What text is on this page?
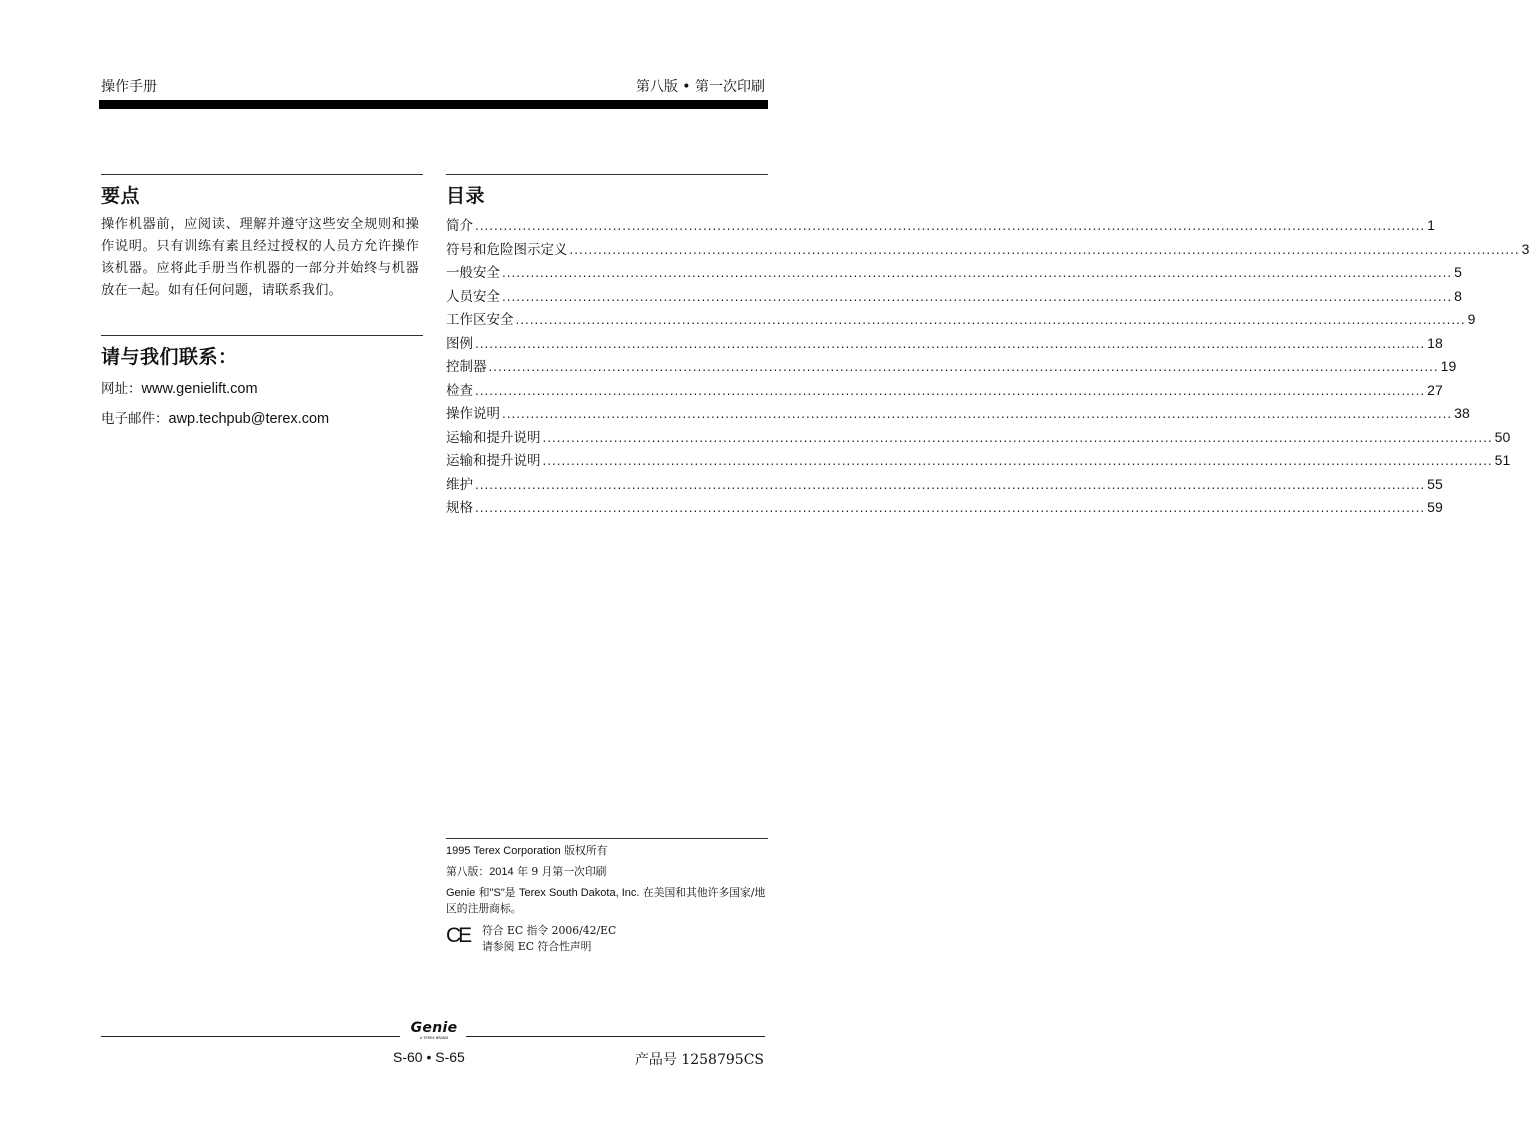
操作手册	第八版 • 第一次印刷
要点
操作机器前，应阅读、理解并遵守这些安全规则和操作说明。只有训练有素且经过授权的人员方允许操作该机器。应将此手册当作机器的一部分并始终与机器放在一起。如有任何问题，请联系我们。
请与我们联系：
网址：www.genielift.com
电子邮件：awp.techpub@terex.com
目录
简介 ........................................................................................................................................................................................................ 1
符号和危险图示定义 ........................................................................................................................................................................................................ 3
一般安全 ........................................................................................................................................................................................................ 5
人员安全 ........................................................................................................................................................................................................ 8
工作区安全 ........................................................................................................................................................................................................ 9
图例 ........................................................................................................................................................................................................ 18
控制器 ........................................................................................................................................................................................................ 19
检查 ........................................................................................................................................................................................................ 27
操作说明 ........................................................................................................................................................................................................ 38
运输和提升说明 ........................................................................................................................................................................................................ 50
运输和提升说明 ........................................................................................................................................................................................................ 51
维护 ........................................................................................................................................................................................................ 55
规格 ........................................................................................................................................................................................................ 59
1995 Terex Corporation 版权所有
第八版：2014 年 9 月第一次印刷
Genie 和"S"是 Terex South Dakota, Inc. 在美国和其他许多国家/地区的注册商标。
CE	符合 EC 指令 2006/42/EC
请参阅 EC 符合性声明
Genie
A TEREX BRAND
S-60 • S-65	产品号 1258795CS
